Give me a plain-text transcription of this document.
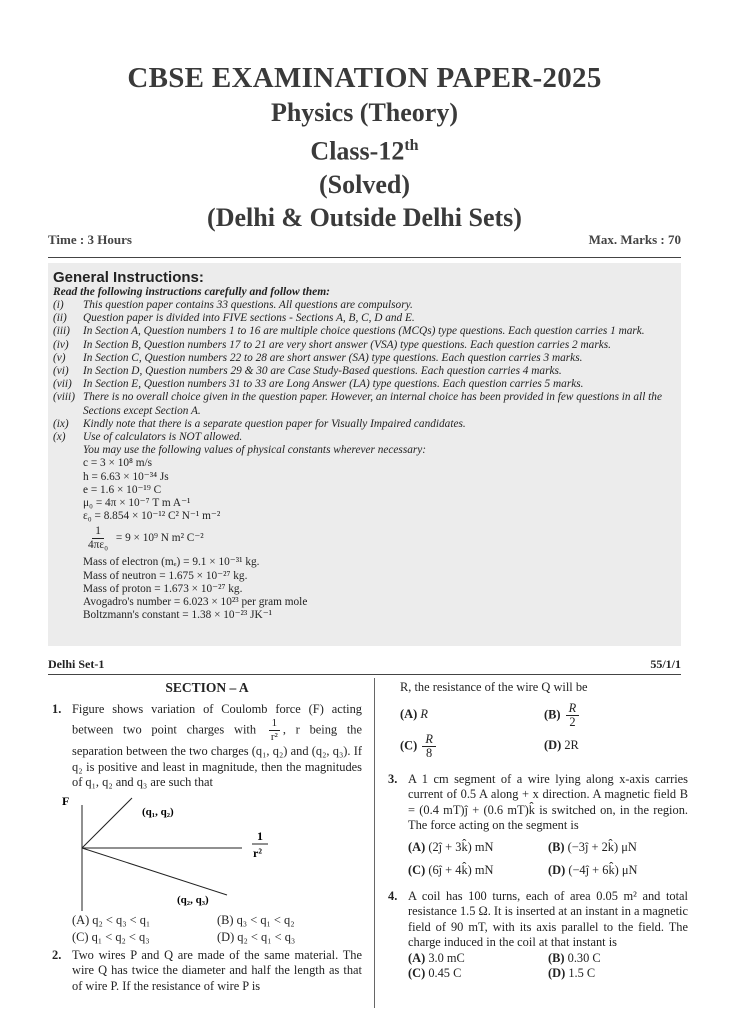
CBSE EXAMINATION PAPER-2025
Physics (Theory)
Class-12th
(Solved)
(Delhi & Outside Delhi Sets)
Time : 3 Hours	Max. Marks : 70
General Instructions:
Read the following instructions carefully and follow them:
(i)	This question paper contains 33 questions. All questions are compulsory.
(ii)	Question paper is divided into FIVE sections - Sections A, B, C, D and E.
(iii)	In Section A, Question numbers 1 to 16 are multiple choice questions (MCQs) type questions. Each question carries 1 mark.
(iv)	In Section B, Question numbers 17 to 21 are very short answer (VSA) type questions. Each question carries 2 marks.
(v)	In Section C, Question numbers 22 to 28 are short answer (SA) type questions. Each question carries 3 marks.
(vi)	In Section D, Question numbers 29 & 30 are Case Study-Based questions. Each question carries 4 marks.
(vii) In Section E, Question numbers 31 to 33 are Long Answer (LA) type questions. Each question carries 5 marks.
(viii) There is no overall choice given in the question paper. However, an internal choice has been provided in few questions in all the Sections except Section A.
(ix)	Kindly note that there is a separate question paper for Visually Impaired candidates.
(x)	Use of calculators is NOT allowed.
You may use the following values of physical constants wherever necessary:
c = 3 × 10⁸ m/s
h = 6.63 × 10⁻³⁴ Js
e = 1.6 × 10⁻¹⁹ C
μ₀ = 4π × 10⁻⁷ T m A⁻¹
ε₀ = 8.854 × 10⁻¹² C² N⁻¹ m⁻²
$\frac{1}{\text{4πε₀}} = 9 \times 10^9$ N m² C⁻²
Mass of electron (mₑ) = 9.1 × 10⁻³¹ kg.
Mass of neutron = 1.675 × 10⁻²⁷ kg.
Mass of proton = 1.673 × 10⁻²⁷ kg.
Avogadro's number = 6.023 × 10²³ per gram mole
Boltzmann's constant = 1.38 × 10⁻²³ JK⁻¹
Delhi Set-1	55/1/1
SECTION – A
1. Figure shows variation of Coulomb force (F) acting between two point charges with $\frac{1}{\text{r²}}$ , r being the separation between the two charges (q₁, q₂) and (q₂, q₃). If q₂ is positive and least in magnitude, then the magnitudes of q₁, q₂ and q₃ are such that
F
1
r²
(q₁, q₂)
(q₂, q₃)
(A) q₂ < q₃ < q₁	(B) q₃ < q₁ < q₂
(C) q₁ < q₂ < q₃	(D) q₂ < q₁ < q₃
2. Two wires P and Q are made of the same material. The wire Q has twice the diameter and half the length as that of wire P. If the resistance of wire P is
R, the resistance of the wire Q will be
(A) R	$(B) \frac{R}{2}$
$(C) \frac{R}{8}$	(D) 2R
3. A 1 cm segment of a wire lying along x-axis carries current of 0.5 A along + x direction. A magnetic field B = (0.4 mT)ĵ + (0.6 mT)k̂ is switched on, in the region. The force acting on the segment is
(A) (2ĵ + 3k̂) mN	(B) (−3ĵ + 2k̂) μN
(C) (6ĵ + 4k̂) mN	(D) (−4ĵ + 6k̂) μN
4. A coil has 100 turns, each of area 0.05 m² and total resistance 1.5 Ω. It is inserted at an instant in a magnetic field of 90 mT, with its axis parallel to the field. The charge induced in the coil at that instant is
(A) 3.0 mC	(B) 0.30 C
(C) 0.45 C	(D) 1.5 C
